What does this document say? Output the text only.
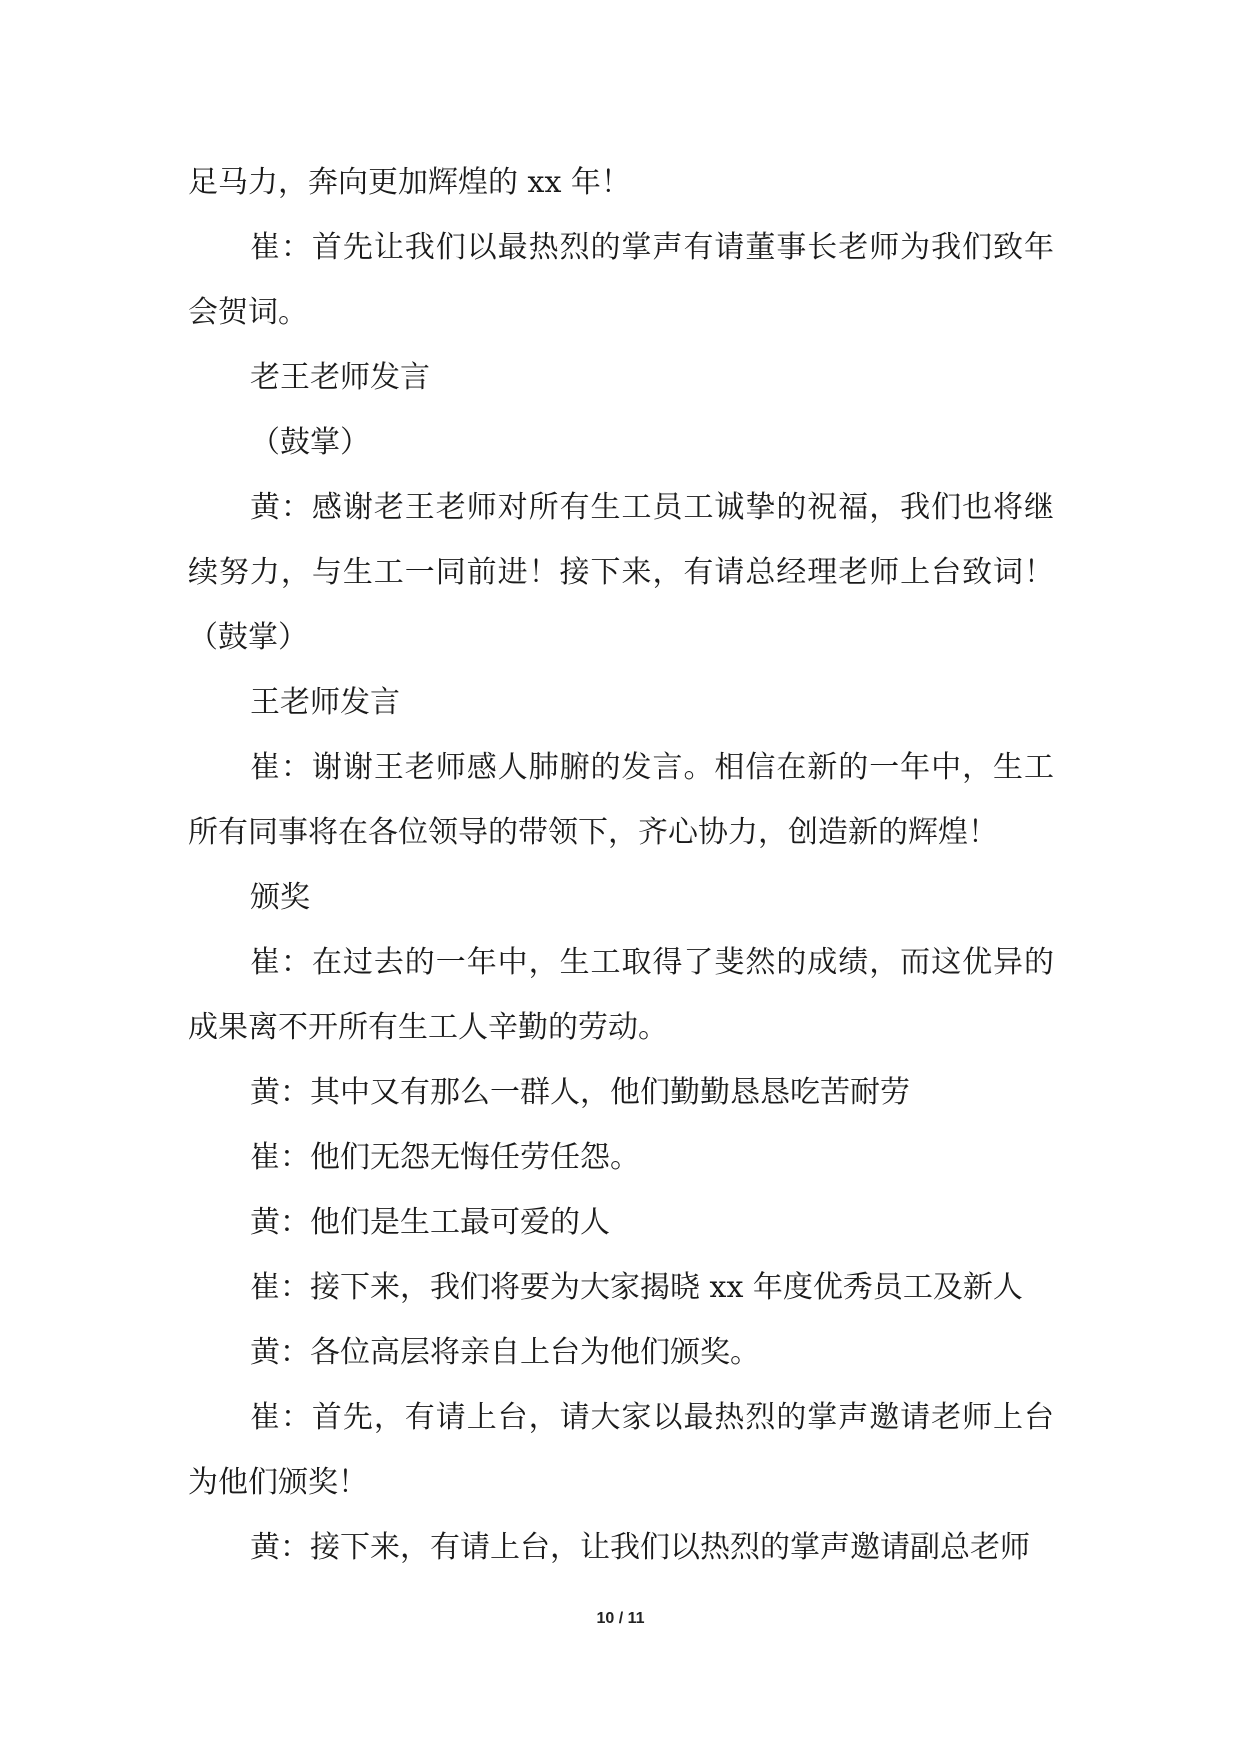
足马力，奔向更加辉煌的 xx 年！

崔：首先让我们以最热烈的掌声有请董事长老师为我们致年会贺词。

老王老师发言

（鼓掌）

黄：感谢老王老师对所有生工员工诚挚的祝福，我们也将继续努力，与生工一同前进！接下来，有请总经理老师上台致词！（鼓掌）

王老师发言

崔：谢谢王老师感人肺腑的发言。相信在新的一年中，生工所有同事将在各位领导的带领下，齐心协力，创造新的辉煌！

颁奖

崔：在过去的一年中，生工取得了斐然的成绩，而这优异的成果离不开所有生工人辛勤的劳动。

黄：其中又有那么一群人，他们勤勤恳恳吃苦耐劳

崔：他们无怨无悔任劳任怨。

黄：他们是生工最可爱的人

崔：接下来，我们将要为大家揭晓 xx 年度优秀员工及新人

黄：各位高层将亲自上台为他们颁奖。

崔：首先，有请上台，请大家以最热烈的掌声邀请老师上台为他们颁奖！

黄：接下来，有请上台，让我们以热烈的掌声邀请副总老师

10 / 11
